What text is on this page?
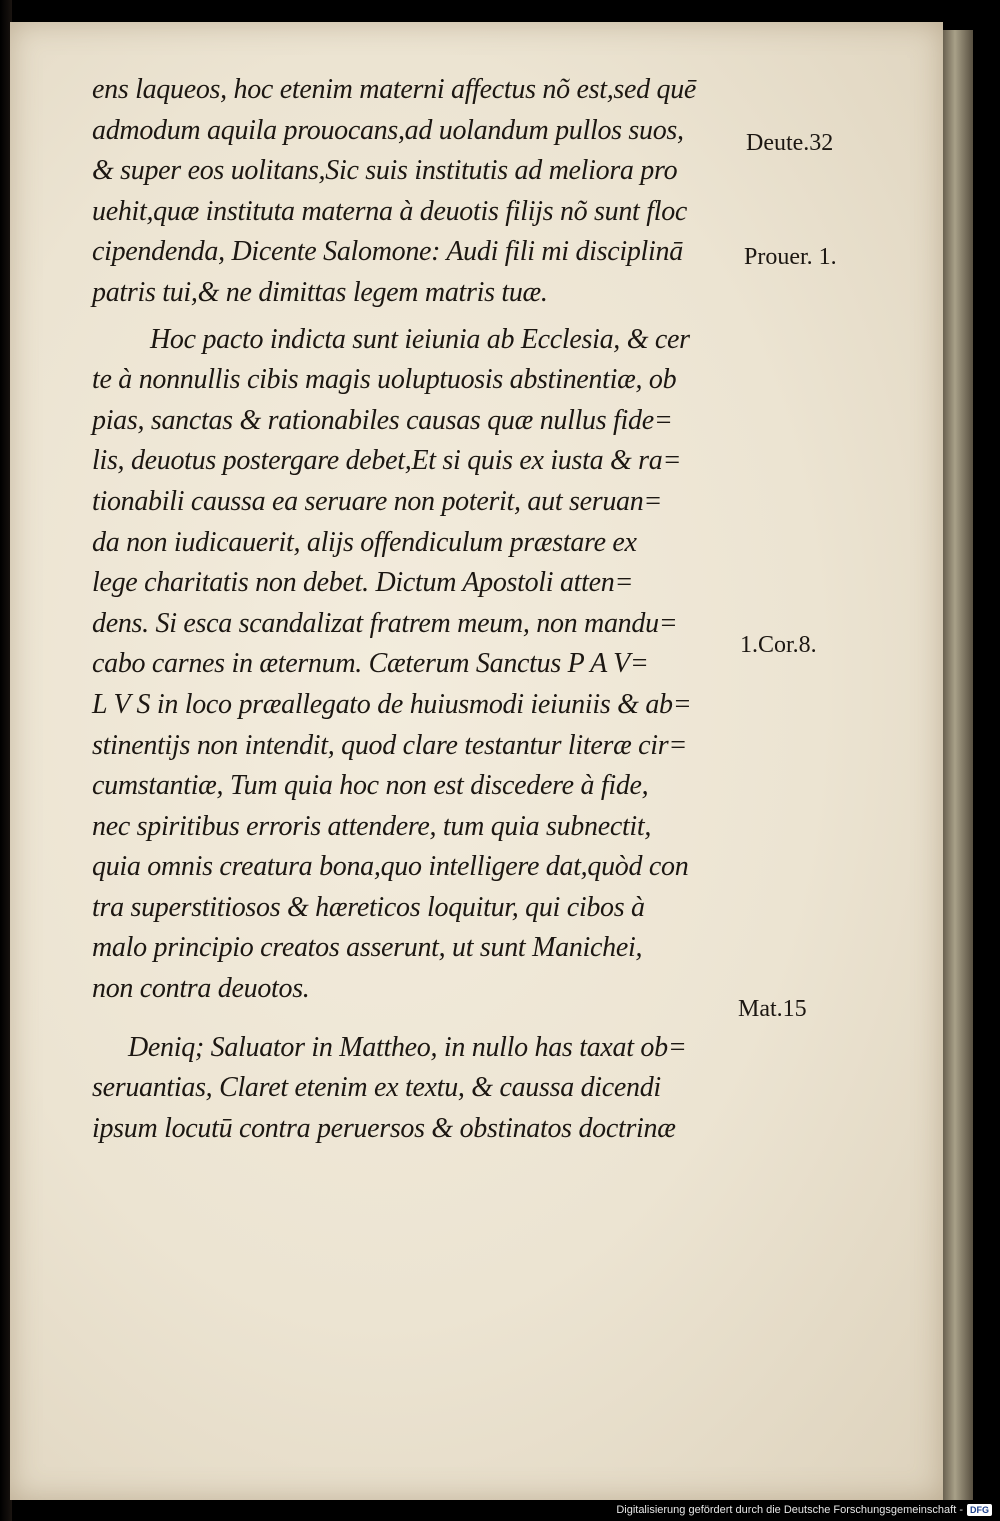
ens laqueos, hoc etenim materni affectus nõ est,sed quē
admodum aquila prouocans,ad uolandum pullos suos,
& super eos uolitans,Sic suis institutis ad meliora pro
uehit,quæ instituta materna à deuotis filijs nõ sunt floc
cipendenda, Dicente Salomone: Audi fili mi disciplinā
patris tui,& ne dimittas legem matris tuæ.
Hoc pacto indicta sunt ieiunia ab Ecclesia, & cer
te à nonnullis cibis magis uoluptuosis abstinentiæ, ob
pias, sanctas & rationabiles causas quæ nullus fide=
lis, deuotus postergare debet,Et si quis ex iusta & ra=
tionabili caussa ea seruare non poterit, aut seruan=
da non iudicauerit, alijs offendiculum præstare ex
lege charitatis non debet. Dictum Apostoli atten=
dens. Si esca scandalizat fratrem meum, non mandu=
cabo carnes in æternum. Cæterum Sanctus P A V=
L V S in loco præallegato de huiusmodi ieiuniis & ab=
stinentijs non intendit, quod clare testantur literæ cir=
cumstantiæ, Tum quia hoc non est discedere à fide,
nec spiritibus erroris attendere, tum quia subnectit,
quia omnis creatura bona,quo intelligere dat,quòd con
tra superstitiosos & hæreticos loquitur, qui cibos à
malo principio creatos asserunt, ut sunt Manichei,
non contra deuotos.
Deniq; Saluator in Mattheo, in nullo has taxat ob=
seruantias, Claret etenim ex textu, & caussa dicendi
ipsum locutū contra peruersos & obstinatos doctrinæ
Deute.32
Prouer. 1.
1.Cor.8.
Mat.15
Digitalisierung gefördert durch die Deutsche Forschungsgemeinschaft - DFG
